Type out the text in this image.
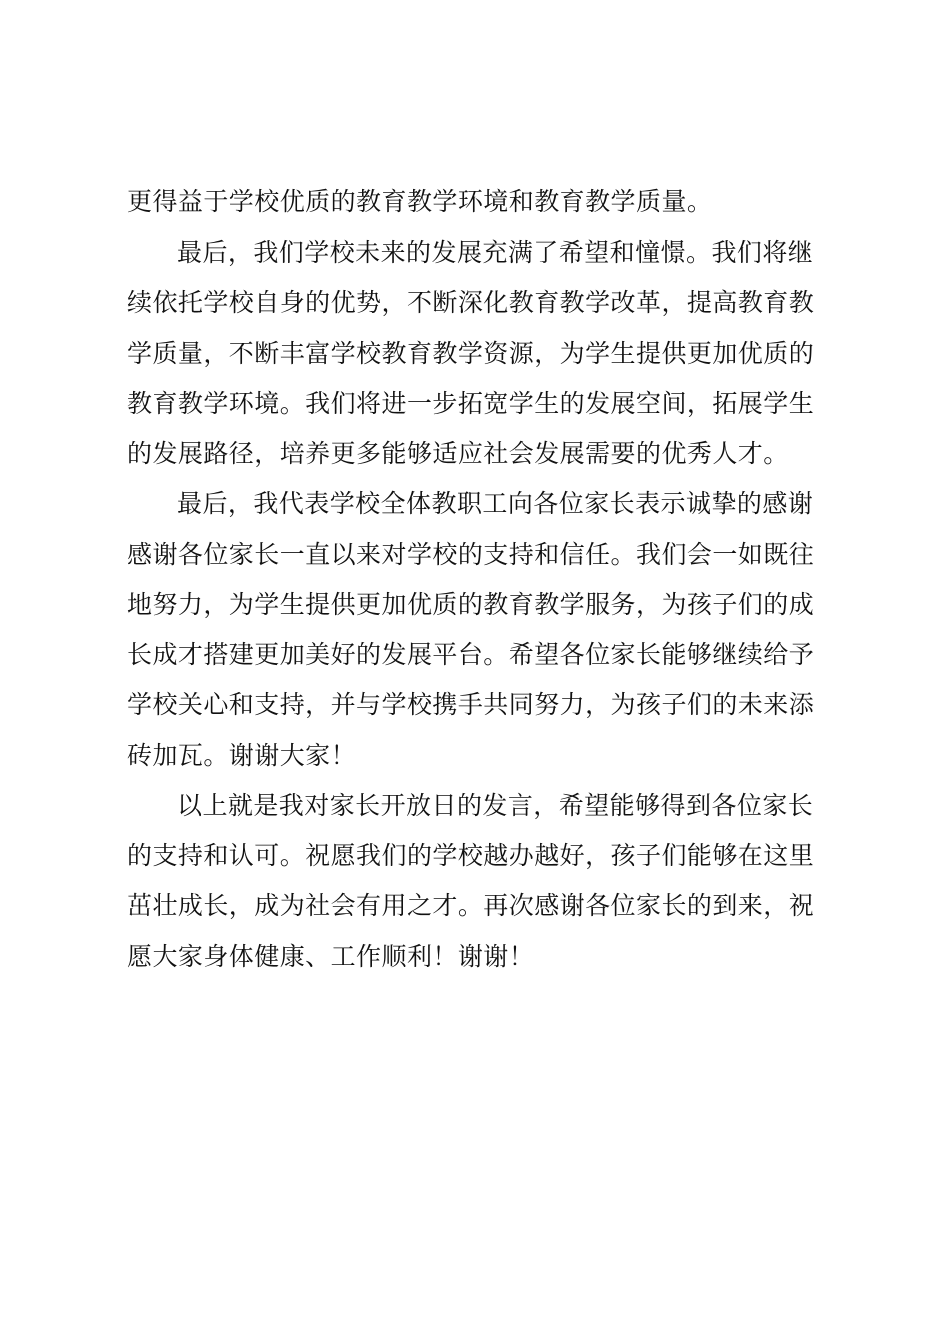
更得益于学校优质的教育教学环境和教育教学质量。
最后，我们学校未来的发展充满了希望和憧憬。我们将继
续依托学校自身的优势，不断深化教育教学改革，提高教育教
学质量，不断丰富学校教育教学资源，为学生提供更加优质的
教育教学环境。我们将进一步拓宽学生的发展空间，拓展学生
的发展路径，培养更多能够适应社会发展需要的优秀人才。
最后，我代表学校全体教职工向各位家长表示诚挚的感谢
感谢各位家长一直以来对学校的支持和信任。我们会一如既往
地努力，为学生提供更加优质的教育教学服务，为孩子们的成
长成才搭建更加美好的发展平台。希望各位家长能够继续给予
学校关心和支持，并与学校携手共同努力，为孩子们的未来添
砖加瓦。谢谢大家！
以上就是我对家长开放日的发言，希望能够得到各位家长
的支持和认可。祝愿我们的学校越办越好，孩子们能够在这里
茁壮成长，成为社会有用之才。再次感谢各位家长的到来，祝
愿大家身体健康、工作顺利！谢谢！
